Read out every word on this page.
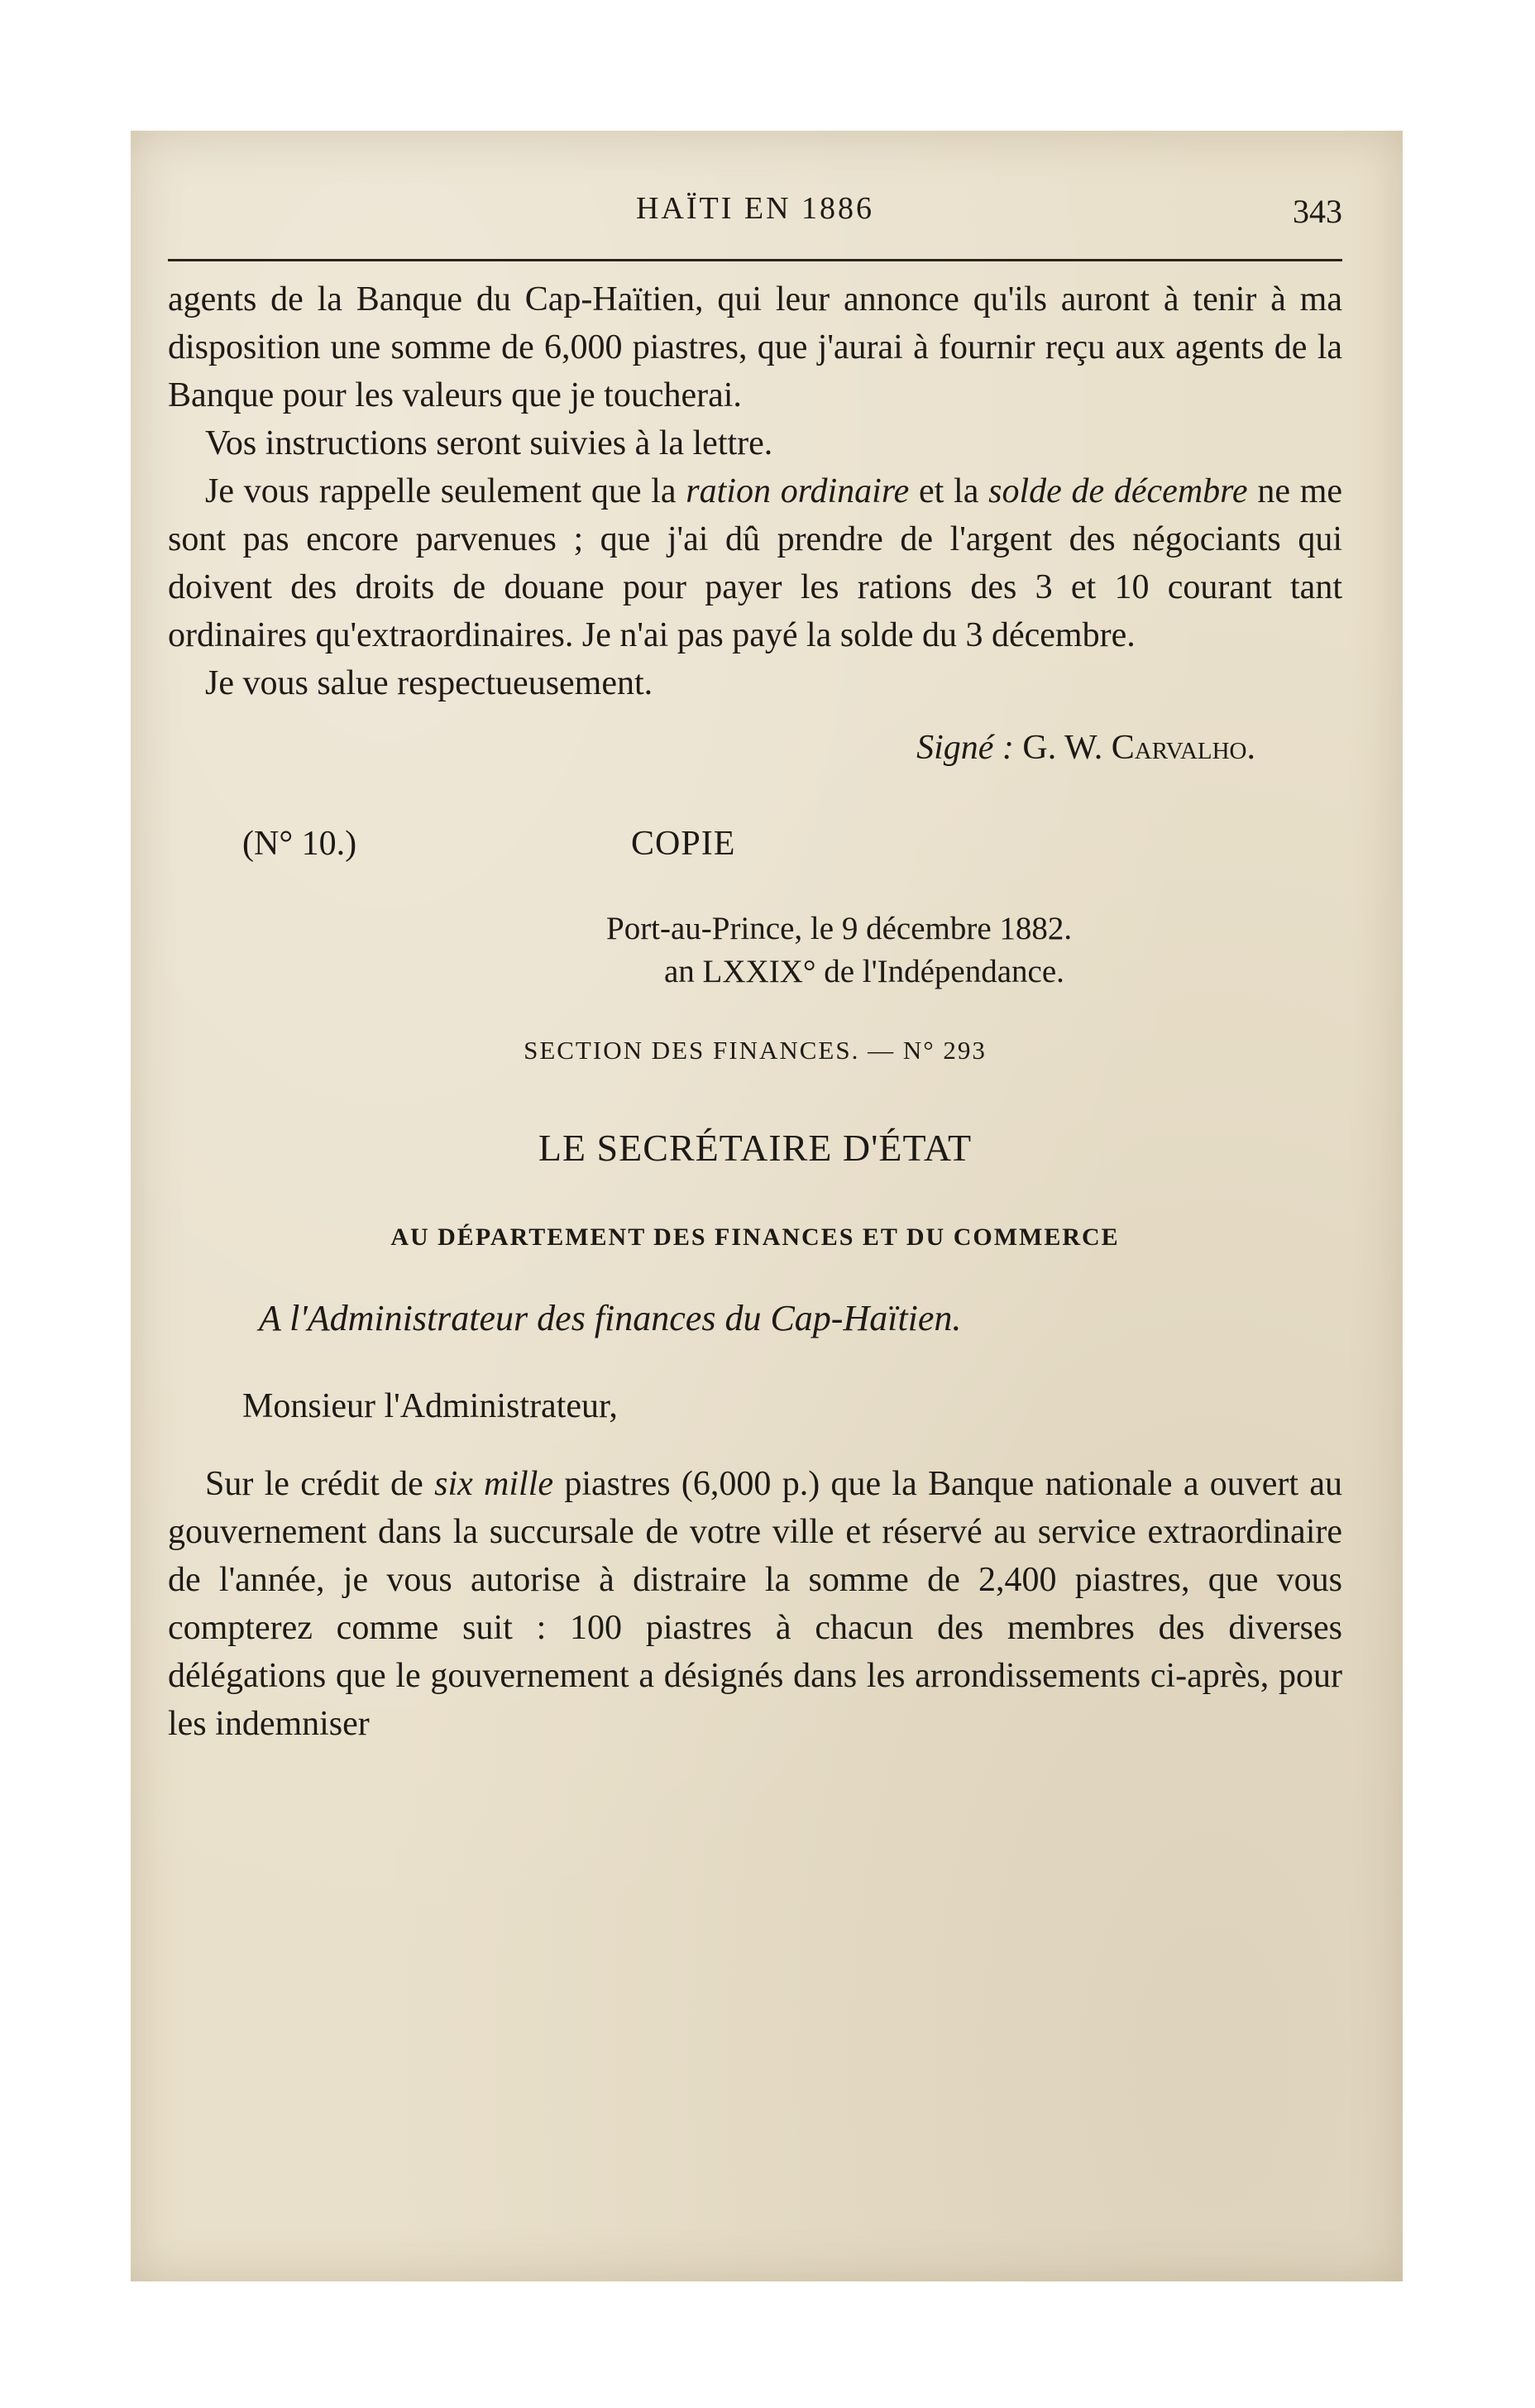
HAÏTI EN 1886	343

agents de la Banque du Cap-Haïtien, qui leur annonce qu'ils auront à tenir à ma disposition une somme de 6,000 piastres, que j'aurai à fournir reçu aux agents de la Banque pour les valeurs que je toucherai.

Vos instructions seront suivies à la lettre.

Je vous rappelle seulement que la ration ordinaire et la solde de décembre ne me sont pas encore parvenues ; que j'ai dû prendre de l'argent des négociants qui doivent des droits de douane pour payer les rations des 3 et 10 courant tant ordinaires qu'extraordinaires. Je n'ai pas payé la solde du 3 décembre.

Je vous salue respectueusement.

Signé : G. W. Carvalho.

(N° 10.)	COPIE

Port-au-Prince, le 9 décembre 1882.
an LXXIX° de l'Indépendance.

SECTION DES FINANCES. — N° 293

LE SECRÉTAIRE D'ÉTAT

AU DÉPARTEMENT DES FINANCES ET DU COMMERCE

A l'Administrateur des finances du Cap-Haïtien.

Monsieur l'Administrateur,

Sur le crédit de six mille piastres (6,000 p.) que la Banque nationale a ouvert au gouvernement dans la succursale de votre ville et réservé au service extraordinaire de l'année, je vous autorise à distraire la somme de 2,400 piastres, que vous compterez comme suit : 100 piastres à chacun des membres des diverses délégations que le gouvernement a désignés dans les arrondissements ci-après, pour les indemniser
